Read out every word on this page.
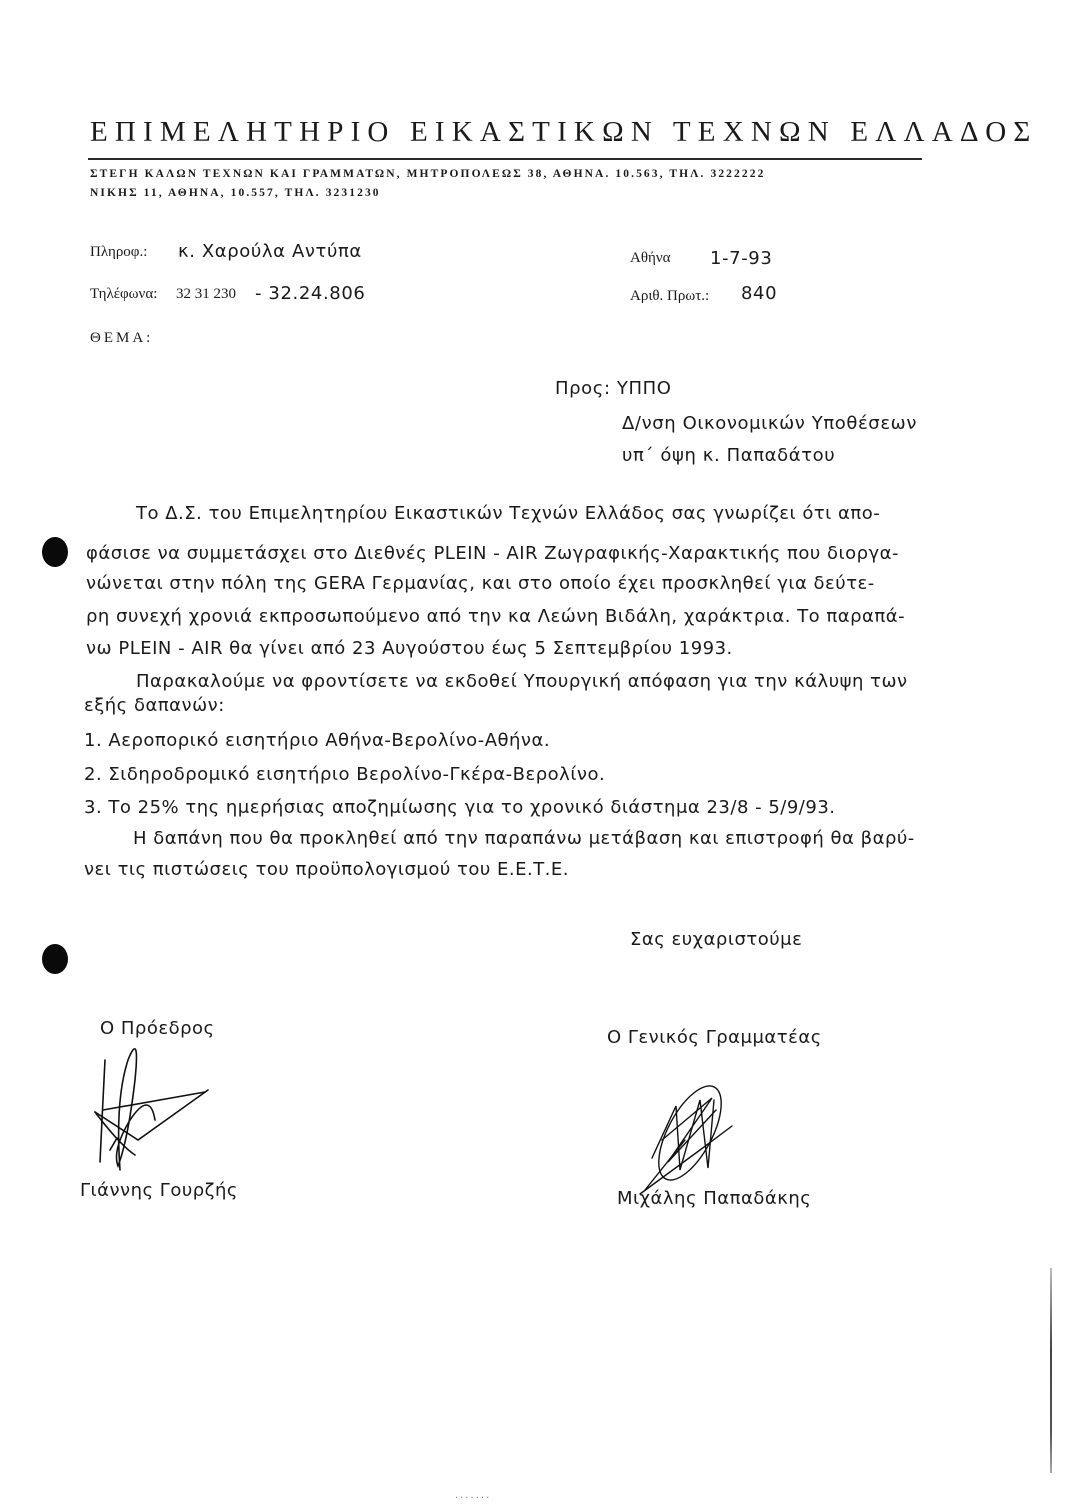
ΕΠΙΜΕΛΗΤΗΡΙΟ ΕΙΚΑΣΤΙΚΩΝ ΤΕΧΝΩΝ ΕΛΛΑΔΟΣ
ΣΤΕΓΗ ΚΑΛΩΝ ΤΕΧΝΩΝ ΚΑΙ ΓΡΑΜΜΑΤΩΝ, ΜΗΤΡΟΠΟΛΕΩΣ 38, ΑΘΗΝΑ. 10.563, ΤΗΛ. 3222222
ΝΙΚΗΣ 11, ΑΘΗΝΑ, 10.557, ΤΗΛ. 3231230
Πληροφ.: κ. Χαρούλα Αντύπα
Τηλέφωνα: 32 31 230 - 32.24.806
Αθήνα 1-7-93
Αριθ. Πρωτ.: 840
ΘΕΜΑ:
Προς: ΥΠΠΟ
Δ/νση Οικονομικών Υποθέσεων
υπ΄ όψη κ. Παπαδάτου
Το Δ.Σ. του Επιμελητηρίου Εικαστικών Τεχνών Ελλάδος σας γνωρίζει ότι απο-
φάσισε να συμμετάσχει στο Διεθνές PLEIN - AIR Ζωγραφικής-Χαρακτικής που διοργα-
νώνεται στην πόλη της GERA Γερμανίας, και στο οποίο έχει προσκληθεί για δεύτε-
ρη συνεχή χρονιά εκπροσωπούμενο από την κα Λεώνη Βιδάλη, χαράκτρια. Το παραπά-
νω PLEIN - AIR θα γίνει από 23 Αυγούστου έως 5 Σεπτεμβρίου 1993.
Παρακαλούμε να φροντίσετε να εκδοθεί Υπουργική απόφαση για την κάλυψη των
εξής δαπανών:
1. Αεροπορικό εισητήριο Αθήνα-Βερολίνο-Αθήνα.
2. Σιδηροδρομικό εισητήριο Βερολίνο-Γκέρα-Βερολίνο.
3. Το 25% της ημερήσιας αποζημίωσης για το χρονικό διάστημα 23/8 - 5/9/93.
Η δαπάνη που θα προκληθεί από την παραπάνω μετάβαση και επιστροφή θα βαρύ-
νει τις πιστώσεις του προϋπολογισμού του Ε.Ε.Τ.Ε.
Σας ευχαριστούμε
Ο Πρόεδρος
Γιάννης Γουρζής
Ο Γενικός Γραμματέας
Μιχάλης Παπαδάκης
.......
